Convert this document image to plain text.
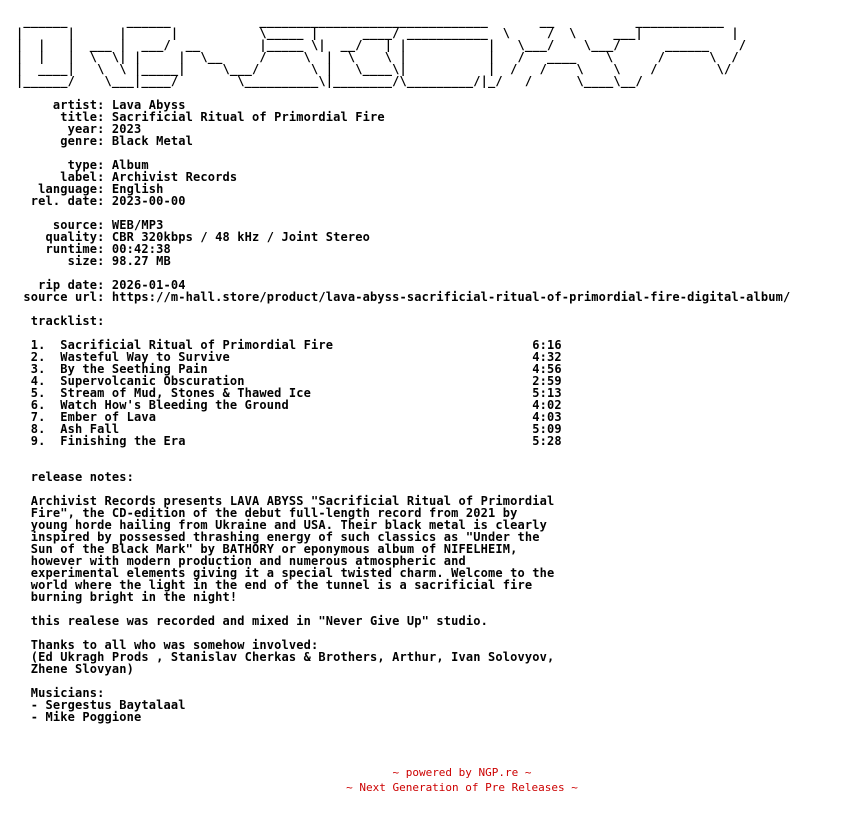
______        ______            _______________________________       __           ____________
|      |      |      |           \_____ |      ____/ ___________  \     /  \     ___|            |
|  |   |  ___ |  ___/  __        |_____ \|  __/   | |           |   \___/    \___/      ______    /
|  |   |  \  \| |     |  \__     /     \  |  \    \ |           |   /   ____    \      /      \  /
|  ____|   \  \ |_____|     \___/       \ |   \____\|           |  /   /    \    \    /        \/
|______/    \___|____/        \__________\|________/\_________/|_/   /      \____\__/

artist: Lava Abyss
title: Sacrificial Ritual of Primordial Fire
year: 2023
genre: Black Metal

type: Album
label: Archivist Records
language: English
rel. date: 2023-00-00

source: WEB/MP3
quality: CBR 320kbps / 48 kHz / Joint Stereo
runtime: 00:42:38
size: 98.27 MB

rip date: 2026-01-04
source url: https://m-hall.store/product/lava-abyss-sacrificial-ritual-of-primordial-fire-digital-album/

tracklist:

1.  Sacrificial Ritual of Primordial Fire                           6:16
2.  Wasteful Way to Survive                                         4:32
3.  By the Seething Pain                                            4:56
4.  Supervolcanic Obscuration                                       2:59
5.  Stream of Mud, Stones & Thawed Ice                              5:13
6.  Watch How's Bleeding the Ground                                 4:02
7.  Ember of Lava                                                   4:03
8.  Ash Fall                                                        5:09
9.  Finishing the Era                                               5:28

release notes:

Archivist Records presents LAVA ABYSS "Sacrificial Ritual of Primordial
Fire", the CD-edition of the debut full-length record from 2021 by
young horde hailing from Ukraine and USA. Their black metal is clearly
inspired by possessed thrashing energy of such classics as "Under the
Sun of the Black Mark" by BATHORY or eponymous album of NIFELHEIM,
however with modern production and numerous atmospheric and
experimental elements giving it a special twisted charm. Welcome to the
world where the light in the end of the tunnel is a sacrificial fire
burning bright in the night!

this realese was recorded and mixed in "Never Give Up" studio.

Thanks to all who was somehow involved:
(Ed Ukragh Prods , Stanislav Cherkas & Brothers, Arthur, Ivan Solovyov,
Zhene Slovyan)

Musicians:
- Sergestus Baytalaal
- Mike Poggione
~ powered by NGP.re ~
~ Next Generation of Pre Releases ~
